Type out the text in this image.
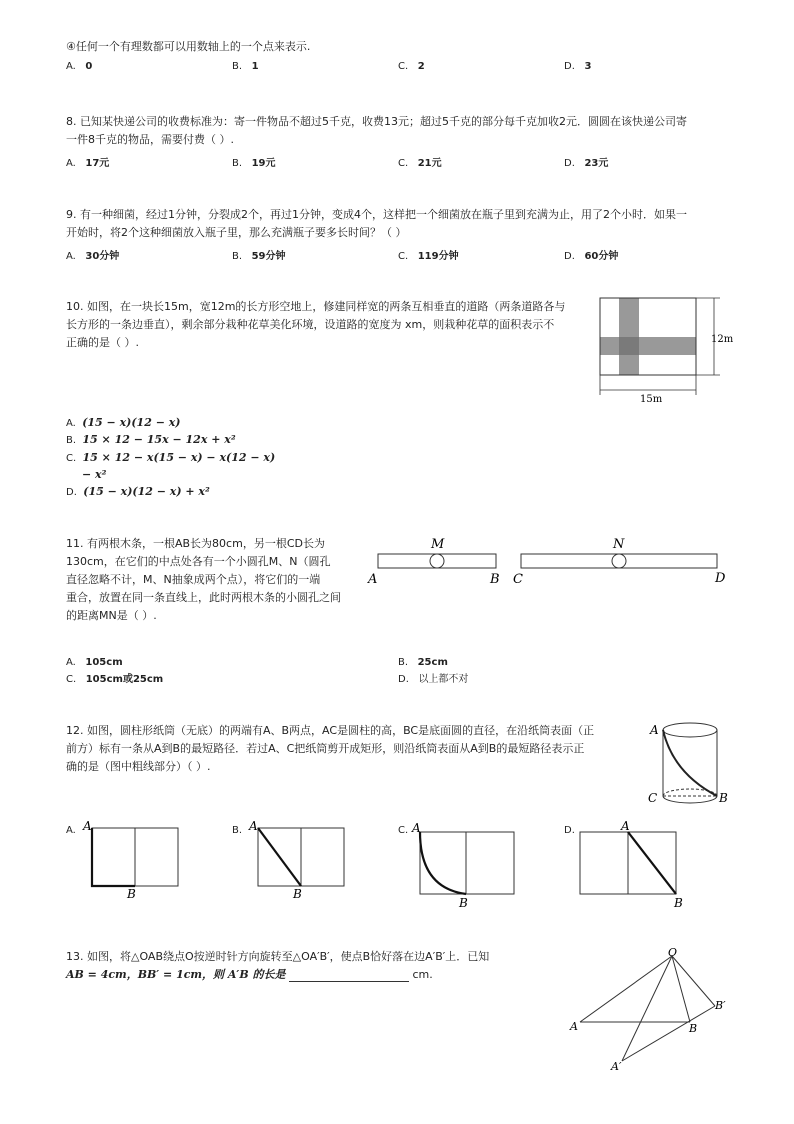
④任何一个有理数都可以用数轴上的一个点来表示.
A. 0	B. 1	C. 2	D. 3
8. 已知某快递公司的收费标准为：寄一件物品不超过5千克，收费13元；超过5千克的部分每千克加收2元．圆圆在该快递公司寄
一件8千克的物品，需要付费（ ）.
A. 17元	B. 19元	C. 21元	D. 23元
9. 有一种细菌，经过1分钟，分裂成2个，再过1分钟，变成4个，这样把一个细菌放在瓶子里到充满为止，用了2个小时．如果一
开始时，将2个这种细菌放入瓶子里，那么充满瓶子要多长时间？（ ）
A. 30分钟	B. 59分钟	C. 119分钟	D. 60分钟
10. 如图，在一块长15m，宽12m的长方形空地上，修建同样宽的两条互相垂直的道路（两条道路各与
长方形的一条边垂直），剩余部分栽种花草美化环境，设道路的宽度为 xm，则栽种花草的面积表示不
正确的是（ ）.	12m
15m
A. (15 − x)(12 − x)
B. 15 × 12 − 15x − 12x + x²
C. 15 × 12 − x(15 − x) − x(12 − x)
− x²
D. (15 − x)(12 − x) + x²
11. 有两根木条，一根AB长为80cm，另一根CD长为
130cm，在它们的中点处各有一个小圆孔M、N（圆孔
直径忽略不计，M、N抽象成两个点），将它们的一端
重合，放置在同一条直线上，此时两根木条的小圆孔之间
的距离MN是（ ）.
M	N
A	B C	D
A. 105cm	B. 25cm
C. 105cm或25cm	D. 以上都不对
12. 如图，圆柱形纸筒（无底）的两端有A、B两点，AC是圆柱的高，BC是底面圆的直径，在沿纸筒表面（正
前方）标有一条从A到B的最短路径．若过A、C把纸筒剪开成矩形，则沿纸筒表面从A到B的最短路径表示正
确的是（图中粗线部分）（ ）.
A
C	B
A. A
B
B. A
B
C. A
B
D.	A
B
13. 如图，将△OAB绕点O按逆时针方向旋转至△OA′B′，使点B恰好落在边A′B′上．已知
AB = 4cm，BB′ = 1cm，则 A′B 的长是	cm.
O
A	B
B′
A′
